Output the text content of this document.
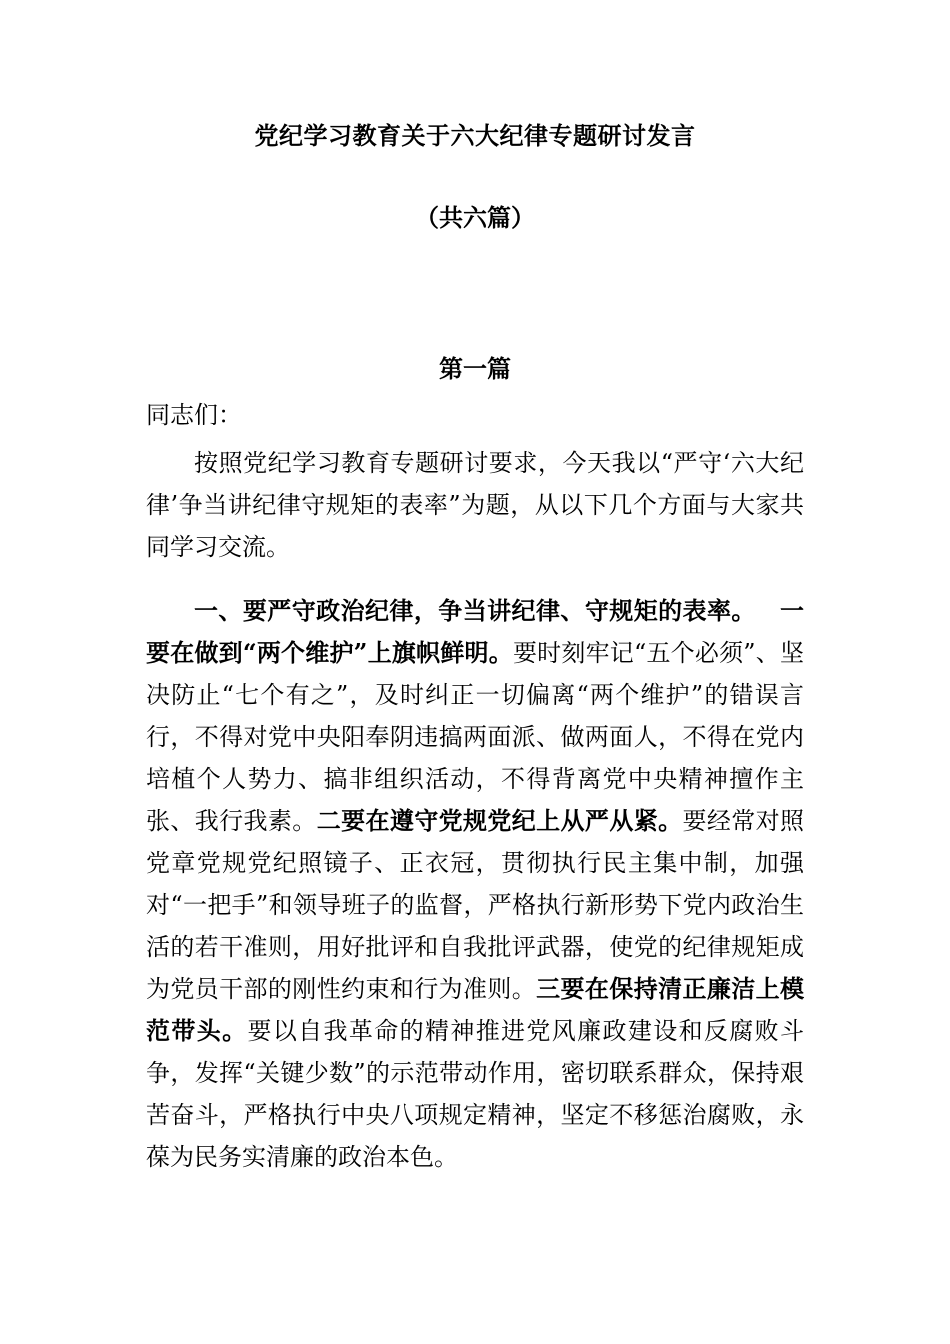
党纪学习教育关于六大纪律专题研讨发言
（共六篇）
第一篇
同志们：
按照党纪学习教育专题研讨要求，今天我以“严守‘六大纪律’争当讲纪律守规矩的表率”为题，从以下几个方面与大家共同学习交流。
一、要严守政治纪律，争当讲纪律、守规矩的表率。 一要在做到“两个维护”上旗帜鲜明。要时刻牢记“五个必须”、坚决防止“七个有之”，及时纠正一切偏离“两个维护”的错误言行，不得对党中央阳奉阴违搞两面派、做两面人，不得在党内培植个人势力、搞非组织活动，不得背离党中央精神擅作主张、我行我素。二要在遵守党规党纪上从严从紧。要经常对照党章党规党纪照镜子、正衣冠，贯彻执行民主集中制，加强对“一把手”和领导班子的监督，严格执行新形势下党内政治生活的若干准则，用好批评和自我批评武器，使党的纪律规矩成为党员干部的刚性约束和行为准则。三要在保持清正廉洁上模范带头。要以自我革命的精神推进党风廉政建设和反腐败斗争，发挥“关键少数”的示范带动作用，密切联系群众，保持艰苦奋斗，严格执行中央八项规定精神，坚定不移惩治腐败，永葆为民务实清廉的政治本色。
